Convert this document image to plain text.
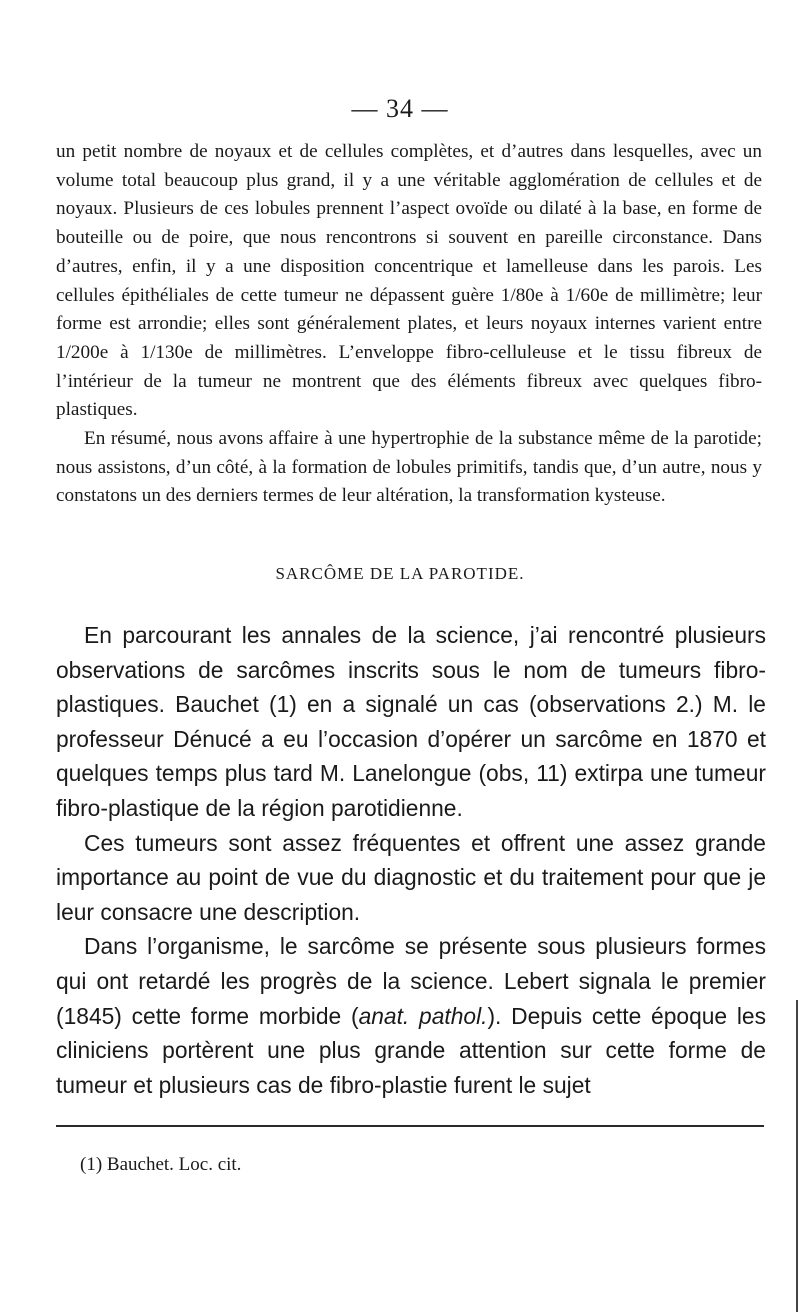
— 34 —

un petit nombre de noyaux et de cellules complètes, et d’autres dans lesquelles, avec un volume total beaucoup plus grand, il y a une véritable agglomération de cellules et de noyaux. Plusieurs de ces lobules prennent l’aspect ovoïde ou dilaté à la base, en forme de bouteille ou de poire, que nous rencontrons si souvent en pareille circonstance. Dans d’autres, enfin, il y a une disposition concentrique et lamelleuse dans les parois. Les cellules épithéliales de cette tumeur ne dépassent guère 1/80e à 1/60e de millimètre; leur forme est arrondie; elles sont généralement plates, et leurs noyaux internes varient entre 1/200e à 1/130e de millimètres. L’enveloppe fibro-celluleuse et le tissu fibreux de l’intérieur de la tumeur ne montrent que des éléments fibreux avec quelques fibro-plastiques.

En résumé, nous avons affaire à une hypertrophie de la substance même de la parotide; nous assistons, d’un côté, à la formation de lobules primitifs, tandis que, d’un autre, nous y constatons un des derniers termes de leur altération, la transformation kysteuse.

SARCÔME DE LA PAROTIDE.

En parcourant les annales de la science, j’ai rencontré plusieurs observations de sarcômes inscrits sous le nom de tumeurs fibro-plastiques. Bauchet (1) en a signalé un cas (observations 2.) M. le professeur Dénucé a eu l’occasion d’opérer un sarcôme en 1870 et quelques temps plus tard M. Lanelongue (obs, 11) extirpa une tumeur fibro-plastique de la région parotidienne.

Ces tumeurs sont assez fréquentes et offrent une assez grande importance au point de vue du diagnostic et du traitement pour que je leur consacre une description.

Dans l’organisme, le sarcôme se présente sous plusieurs formes qui ont retardé les progrès de la science. Lebert signala le premier (1845) cette forme morbide (anat. pathol.). Depuis cette époque les cliniciens portèrent une plus grande attention sur cette forme de tumeur et plusieurs cas de fibro-plastie furent le sujet

(1) Bauchet. Loc. cit.
